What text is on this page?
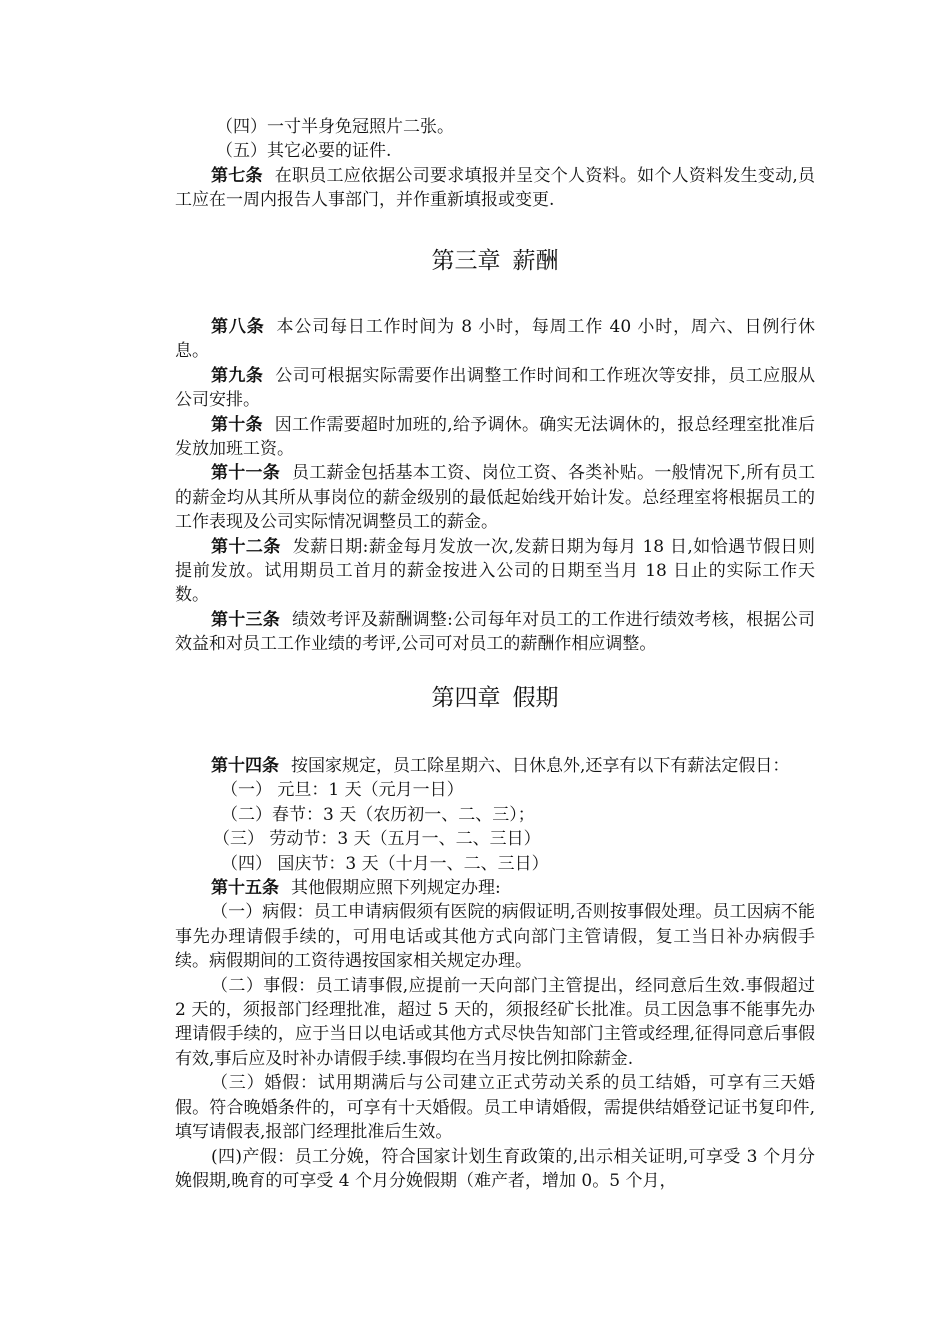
（四）一寸半身免冠照片二张。

（五）其它必要的证件.

第七条 在职员工应依据公司要求填报并呈交个人资料。如个人资料发生变动,员工应在一周内报告人事部门，并作重新填报或变更.

第三章 薪酬

第八条 本公司每日工作时间为 8 小时，每周工作 40 小时，周六、日例行休息。

第九条 公司可根据实际需要作出调整工作时间和工作班次等安排，员工应服从公司安排。

第十条 因工作需要超时加班的,给予调休。确实无法调休的，报总经理室批准后发放加班工资。

第十一条 员工薪金包括基本工资、岗位工资、各类补贴。一般情况下,所有员工的薪金均从其所从事岗位的薪金级别的最低起始线开始计发。总经理室将根据员工的工作表现及公司实际情况调整员工的薪金。

第十二条 发薪日期:薪金每月发放一次,发薪日期为每月 18 日,如恰遇节假日则提前发放。试用期员工首月的薪金按进入公司的日期至当月 18 日止的实际工作天数。

第十三条 绩效考评及薪酬调整:公司每年对员工的工作进行绩效考核，根据公司效益和对员工工作业绩的考评,公司可对员工的薪酬作相应调整。

第四章 假期

第十四条 按国家规定，员工除星期六、日休息外,还享有以下有薪法定假日：

（一） 元旦：1 天（元月一日）

（二）春节：3 天（农历初一、二、三）；

（三） 劳动节：3 天（五月一、二、三日）

（四） 国庆节：3 天（十月一、二、三日）

第十五条 其他假期应照下列规定办理:

（一）病假：员工申请病假须有医院的病假证明,否则按事假处理。员工因病不能事先办理请假手续的，可用电话或其他方式向部门主管请假，复工当日补办病假手续。病假期间的工资待遇按国家相关规定办理。

（二）事假：员工请事假,应提前一天向部门主管提出，经同意后生效.事假超过 2 天的，须报部门经理批准，超过 5 天的，须报经矿长批准。员工因急事不能事先办理请假手续的，应于当日以电话或其他方式尽快告知部门主管或经理,征得同意后事假有效,事后应及时补办请假手续.事假均在当月按比例扣除薪金.

（三）婚假：试用期满后与公司建立正式劳动关系的员工结婚，可享有三天婚假。符合晚婚条件的，可享有十天婚假。员工申请婚假，需提供结婚登记证书复印件,填写请假表,报部门经理批准后生效。

(四)产假：员工分娩，符合国家计划生育政策的,出示相关证明,可享受 3 个月分娩假期,晚育的可享受 4 个月分娩假期（难产者，增加 0。5 个月，
